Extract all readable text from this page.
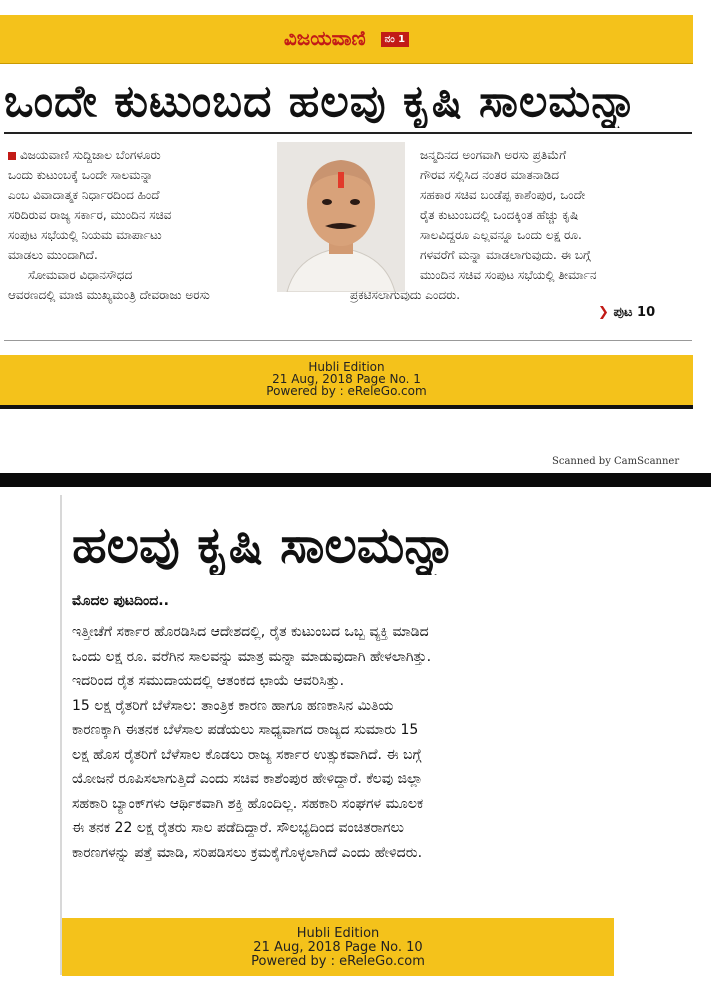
ವಿಜಯವಾಣಿ ನಂ 1
ಒಂದೇ ಕುಟುಂಬದ ಹಲವು ಕೃಷಿ ಸಾಲಮನ್ನಾ
ವಿಜಯವಾಣಿ ಸುದ್ದಿಜಾಲ ಬೆಂಗಳೂರು
ಒಂದು ಕುಟುಂಬಕ್ಕೆ ಒಂದೇ ಸಾಲಮನ್ನಾ
ಎಂಬ ವಿವಾದಾತ್ಮಕ ನಿರ್ಧಾರದಿಂದ ಹಿಂದೆ
ಸರಿದಿರುವ ರಾಜ್ಯ ಸರ್ಕಾರ, ಮುಂದಿನ ಸಚಿವ
ಸಂಪುಟ ಸಭೆಯಲ್ಲಿ ನಿಯಮ ಮಾರ್ಪಾಟು
ಮಾಡಲು ಮುಂದಾಗಿದೆ.
ಸೋಮವಾರ ವಿಧಾನಸೌಧದ
ಆವರಣದಲ್ಲಿ ಮಾಜಿ ಮುಖ್ಯಮಂತ್ರಿ ದೇವರಾಜು ಅರಸು
ಜನ್ಮದಿನದ ಅಂಗವಾಗಿ ಅರಸು ಪ್ರತಿಮೆಗೆ
ಗೌರವ ಸಲ್ಲಿಸಿದ ನಂತರ ಮಾತನಾಡಿದ
ಸಹಕಾರ ಸಚಿವ ಬಂಡೆಪ್ಪ ಕಾಶೆಂಪುರ, ಒಂದೇ
ರೈತ ಕುಟುಂಬದಲ್ಲಿ ಒಂದಕ್ಕಿಂತ ಹೆಚ್ಚು ಕೃಷಿ
ಸಾಲವಿದ್ದರೂ ಎಲ್ಲವನ್ನೂ ಒಂದು ಲಕ್ಷ ರೂ.
ಗಳವರೆಗೆ ಮನ್ನಾ ಮಾಡಲಾಗುವುದು. ಈ ಬಗ್ಗೆ
ಮುಂದಿನ ಸಚಿವ ಸಂಪುಟ ಸಭೆಯಲ್ಲಿ ತೀರ್ಮಾನ
ಪ್ರಕಟಿಸಲಾಗುವುದು ಎಂದರು.
❯ ಪುಟ 10
Hubli Edition
21 Aug, 2018 Page No. 1
Powered by : eReleGo.com
Scanned by CamScanner
ಹಲವು ಕೃಷಿ ಸಾಲಮನ್ನಾ
ಮೊದಲ ಪುಟದಿಂದ..

ಇತ್ತೀಚೆಗೆ ಸರ್ಕಾರ ಹೊರಡಿಸಿದ ಆದೇಶದಲ್ಲಿ, ರೈತ ಕುಟುಂಬದ ಒಬ್ಬ ವ್ಯಕ್ತಿ ಮಾಡಿದ

ಒಂದು ಲಕ್ಷ ರೂ. ವರೆಗಿನ ಸಾಲವನ್ನು ಮಾತ್ರ ಮನ್ನಾ ಮಾಡುವುದಾಗಿ ಹೇಳಲಾಗಿತ್ತು.

ಇದರಿಂದ ರೈತ ಸಮುದಾಯದಲ್ಲಿ ಆತಂಕದ ಛಾಯೆ ಆವರಿಸಿತ್ತು.

15 ಲಕ್ಷ ರೈತರಿಗೆ ಬೆಳೆಸಾಲ: ತಾಂತ್ರಿಕ ಕಾರಣ ಹಾಗೂ ಹಣಕಾಸಿನ ಮಿತಿಯ

ಕಾರಣಕ್ಕಾಗಿ ಈತನಕ ಬೆಳೆಸಾಲ ಪಡೆಯಲು ಸಾಧ್ಯವಾಗದ ರಾಜ್ಯದ ಸುಮಾರು 15

ಲಕ್ಷ ಹೊಸ ರೈತರಿಗೆ ಬೆಳೆಸಾಲ ಕೊಡಲು ರಾಜ್ಯ ಸರ್ಕಾರ ಉತ್ಸುಕವಾಗಿದೆ. ಈ ಬಗ್ಗೆ

ಯೋಜನೆ ರೂಪಿಸಲಾಗುತ್ತಿದೆ ಎಂದು ಸಚಿವ ಕಾಶೆಂಪುರ ಹೇಳಿದ್ದಾರೆ. ಕೆಲವು ಜಿಲ್ಲಾ

ಸಹಕಾರಿ ಬ್ಯಾಂಕ್‌ಗಳು ಆರ್ಥಿಕವಾಗಿ ಶಕ್ತಿ ಹೊಂದಿಲ್ಲ. ಸಹಕಾರಿ ಸಂಘಗಳ ಮೂಲಕ

ಈ ತನಕ 22 ಲಕ್ಷ ರೈತರು ಸಾಲ ಪಡೆದಿದ್ದಾರೆ. ಸೌಲಭ್ಯದಿಂದ ವಂಚಿತರಾಗಲು

ಕಾರಣಗಳನ್ನು ಪತ್ತೆ ಮಾಡಿ, ಸರಿಪಡಿಸಲು ಕ್ರಮಕೈಗೊಳ್ಳಲಾಗಿದೆ ಎಂದು ಹೇಳಿದರು.

Hubli Edition
21 Aug, 2018 Page No. 10
Powered by : eReleGo.com
